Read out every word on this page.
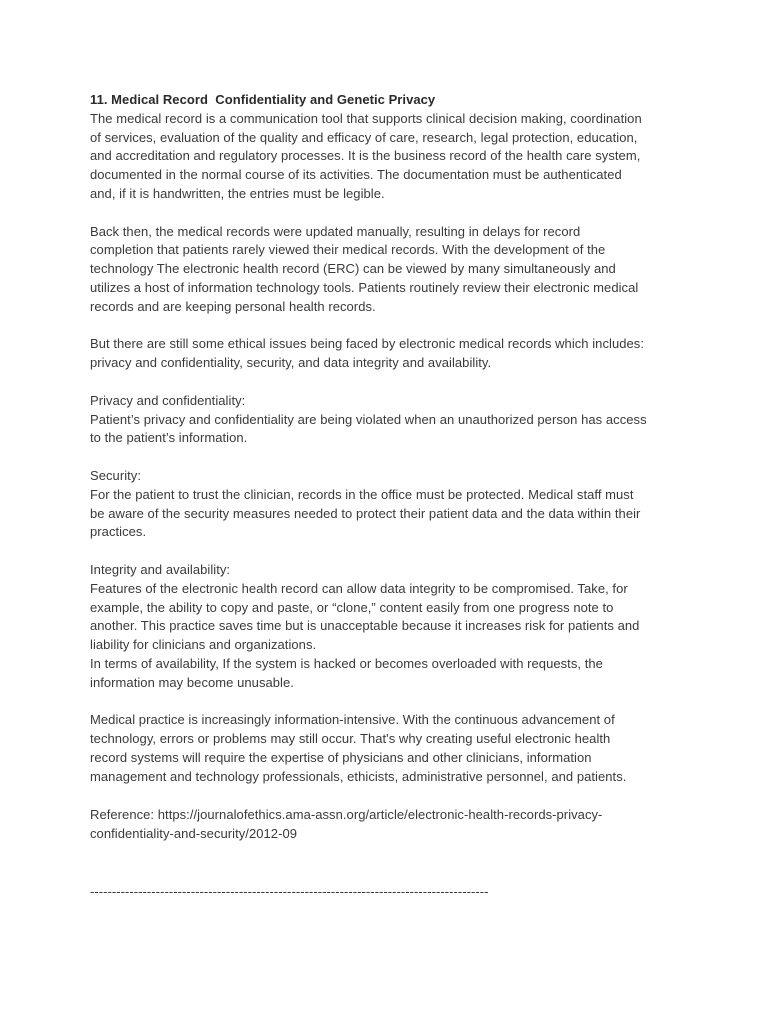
11. Medical Record  Confidentiality and Genetic Privacy
The medical record is a communication tool that supports clinical decision making, coordination
of services, evaluation of the quality and efficacy of care, research, legal protection, education,
and accreditation and regulatory processes. It is the business record of the health care system,
documented in the normal course of its activities. The documentation must be authenticated
and, if it is handwritten, the entries must be legible.
Back then, the medical records were updated manually, resulting in delays for record
completion that patients rarely viewed their medical records. With the development of the
technology The electronic health record (ERC) can be viewed by many simultaneously and
utilizes a host of information technology tools. Patients routinely review their electronic medical
records and are keeping personal health records.
But there are still some ethical issues being faced by electronic medical records which includes:
privacy and confidentiality, security, and data integrity and availability.
Privacy and confidentiality:
Patient’s privacy and confidentiality are being violated when an unauthorized person has access
to the patient’s information.
Security:
For the patient to trust the clinician, records in the office must be protected. Medical staff must
be aware of the security measures needed to protect their patient data and the data within their
practices.
Integrity and availability:
Features of the electronic health record can allow data integrity to be compromised. Take, for
example, the ability to copy and paste, or “clone,” content easily from one progress note to
another. This practice saves time but is unacceptable because it increases risk for patients and
liability for clinicians and organizations.
In terms of availability, If the system is hacked or becomes overloaded with requests, the
information may become unusable.
Medical practice is increasingly information-intensive. With the continuous advancement of
technology, errors or problems may still occur. That's why creating useful electronic health
record systems will require the expertise of physicians and other clinicians, information
management and technology professionals, ethicists, administrative personnel, and patients.
Reference: https://journalofethics.ama-assn.org/article/electronic-health-records-privacy-
confidentiality-and-security/2012-09
-------------------------------------------------------------------------------------------
